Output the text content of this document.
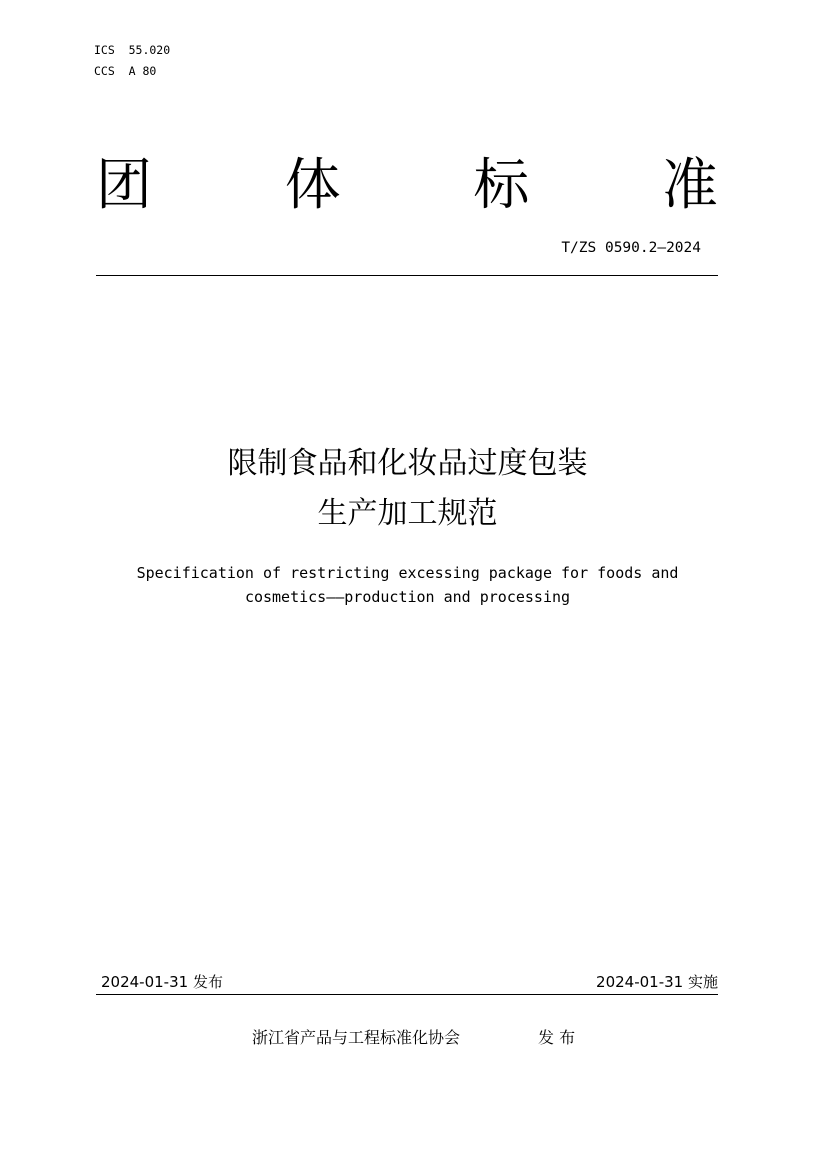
ICS  55.020
CCS  A 80
团 体 标 准
T/ZS 0590.2—2024
限制食品和化妆品过度包装
生产加工规范
Specification of restricting excessing package for foods and
cosmetics——production and processing
2024-01-31 发布	2024-01-31 实施
浙江省产品与工程标准化协会	发 布
